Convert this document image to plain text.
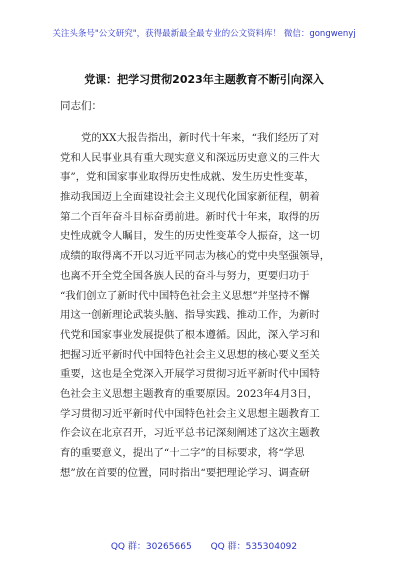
关注头条号"公文研究"，获得最新最全最专业的公文资料库！ 微信：gongwenyj
党课：把学习贯彻2023年主题教育不断引向深入
同志们：
党的XX大报告指出，新时代十年来，“我们经历了对
党和人民事业具有重大现实意义和深远历史意义的三件大
事”，党和国家事业取得历史性成就、发生历史性变革，
推动我国迈上全面建设社会主义现代化国家新征程，朝着
第二个百年奋斗目标奋勇前进。新时代十年来，取得的历
史性成就令人瞩目，发生的历史性变革令人振奋，这一切
成绩的取得离不开以习近平同志为核心的党中央坚强领导，
也离不开全党全国各族人民的奋斗与努力，更要归功于
“我们创立了新时代中国特色社会主义思想”并坚持不懈
用这一创新理论武装头脑、指导实践、推动工作，为新时
代党和国家事业发展提供了根本遵循。因此，深入学习和
把握习近平新时代中国特色社会主义思想的核心要义至关
重要，这也是全党深入开展学习贯彻习近平新时代中国特
色社会主义思想主题教育的重要原因。2023年4月3日，
学习贯彻习近平新时代中国特色社会主义思想主题教育工
作会议在北京召开，习近平总书记深刻阐述了这次主题教
育的重要意义，提出了“十二字”的目标要求，将“学思
想”放在首要的位置，同时指出“要把理论学习、调查研
QQ 群：30265665 QQ 群：535304092
